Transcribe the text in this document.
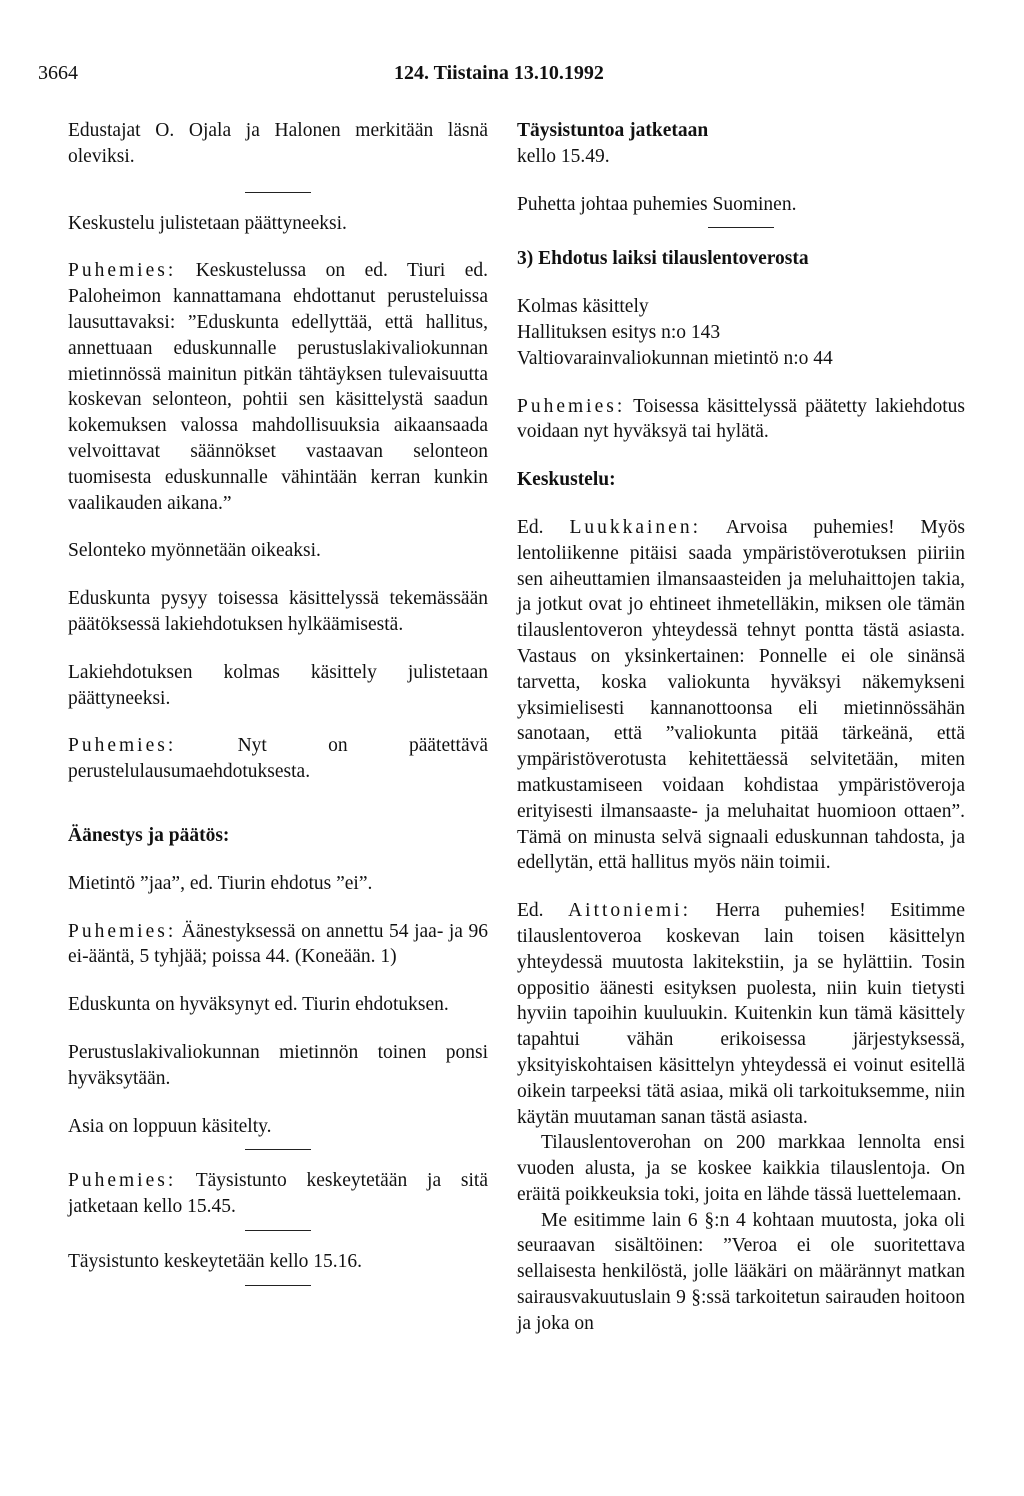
3664	124. Tiistaina 13.10.1992

Edustajat O. Ojala ja Halonen merkitään läsnä oleviksi.

Keskustelu julistetaan päättyneeksi.

Puhemies: Keskustelussa on ed. Tiuri ed. Paloheimon kannattamana ehdottanut perusteluissa lausuttavaksi: ”Eduskunta edellyttää, että hallitus, annettuaan eduskunnalle perustuslakivaliokunnan mietinnössä mainitun pitkän tähtäyksen tulevaisuutta koskevan selonteon, pohtii sen käsittelystä saadun kokemuksen valossa mahdollisuuksia aikaansaada velvoittavat säännökset vastaavan selonteon tuomisesta eduskunnalle vähintään kerran kunkin vaalikauden aikana.”

Selonteko myönnetään oikeaksi.

Eduskunta pysyy toisessa käsittelyssä tekemässään päätöksessä lakiehdotuksen hylkäämisestä.

Lakiehdotuksen kolmas käsittely julistetaan päättyneeksi.

Puhemies:	Nyt on päätettävä perustelulausumaehdotuksesta.

Äänestys ja päätös:

Mietintö ”jaa”, ed. Tiurin ehdotus ”ei”.

Puhemies: Äänestyksessä on annettu 54 jaa- ja 96 ei-ääntä, 5 tyhjää; poissa 44. (Koneään. 1)

Eduskunta on hyväksynyt ed. Tiurin ehdotuksen.

Perustuslakivaliokunnan mietinnön toinen ponsi hyväksytään.

Asia on loppuun käsitelty.

Puhemies: Täysistunto keskeytetään ja sitä jatketaan kello 15.45.

Täysistunto keskeytetään kello 15.16.

Täysistuntoa jatketaan

kello 15.49.

Puhetta johtaa puhemies Suominen.

3) Ehdotus laiksi tilauslentoverosta
Kolmas käsittely
Hallituksen esitys n:o 143

Valtiovarainvaliokunnan mietintö n:o 44

Puhemies: Toisessa käsittelyssä päätetty lakiehdotus voidaan nyt hyväksyä tai hylätä.

Keskustelu:

Ed. Luukkainen: Arvoisa puhemies! Myös lentoliikenne pitäisi saada ympäristöverotuksen piiriin sen aiheuttamien ilmansaasteiden ja meluhaittojen takia, ja jotkut ovat jo ehtineet ihmetelläkin, miksen ole tämän tilauslentoveron yhteydessä tehnyt pontta tästä asiasta. Vastaus on yksinkertainen: Ponnelle ei ole sinänsä tarvetta, koska valiokunta hyväksyi näkemykseni yksimielisesti kannanottoonsa eli mietinnössähän sanotaan, että ”valiokunta pitää tärkeänä, että ympäristöverotusta kehitettäessä selvitetään, miten matkustamiseen voidaan kohdistaa ympäristöveroja erityisesti ilmansaaste- ja meluhaitat huomioon ottaen”. Tämä on minusta selvä signaali eduskunnan tahdosta, ja edellytän, että hallitus myös näin toimii.

Ed. Aittoniemi: Herra puhemies! Esitimme tilauslentoveroa koskevan lain toisen käsittelyn yhteydessä muutosta lakitekstiin, ja se hylättiin. Tosin oppositio äänesti esityksen puolesta, niin kuin tietysti hyviin tapoihin kuuluukin. Kuitenkin kun tämä käsittely tapahtui vähän erikoisessa järjestyksessä, yksityiskohtaisen käsittelyn yhteydessä ei voinut esitellä oikein tarpeeksi tätä asiaa, mikä oli tarkoituksemme, niin käytän muutaman sanan tästä asiasta.

Tilauslentoverohan on 200 markkaa lennolta ensi vuoden alusta, ja se koskee kaikkia tilauslentoja. On eräitä poikkeuksia toki, joita en lähde tässä luettelemaan.

Me esitimme lain 6 §:n 4 kohtaan muutosta, joka oli seuraavan sisältöinen: ”Veroa ei ole suoritettava sellaisesta henkilöstä, jolle lääkäri on määrännyt matkan sairausvakuutuslain 9 §:ssä tarkoitetun sairauden hoitoon ja joka on
